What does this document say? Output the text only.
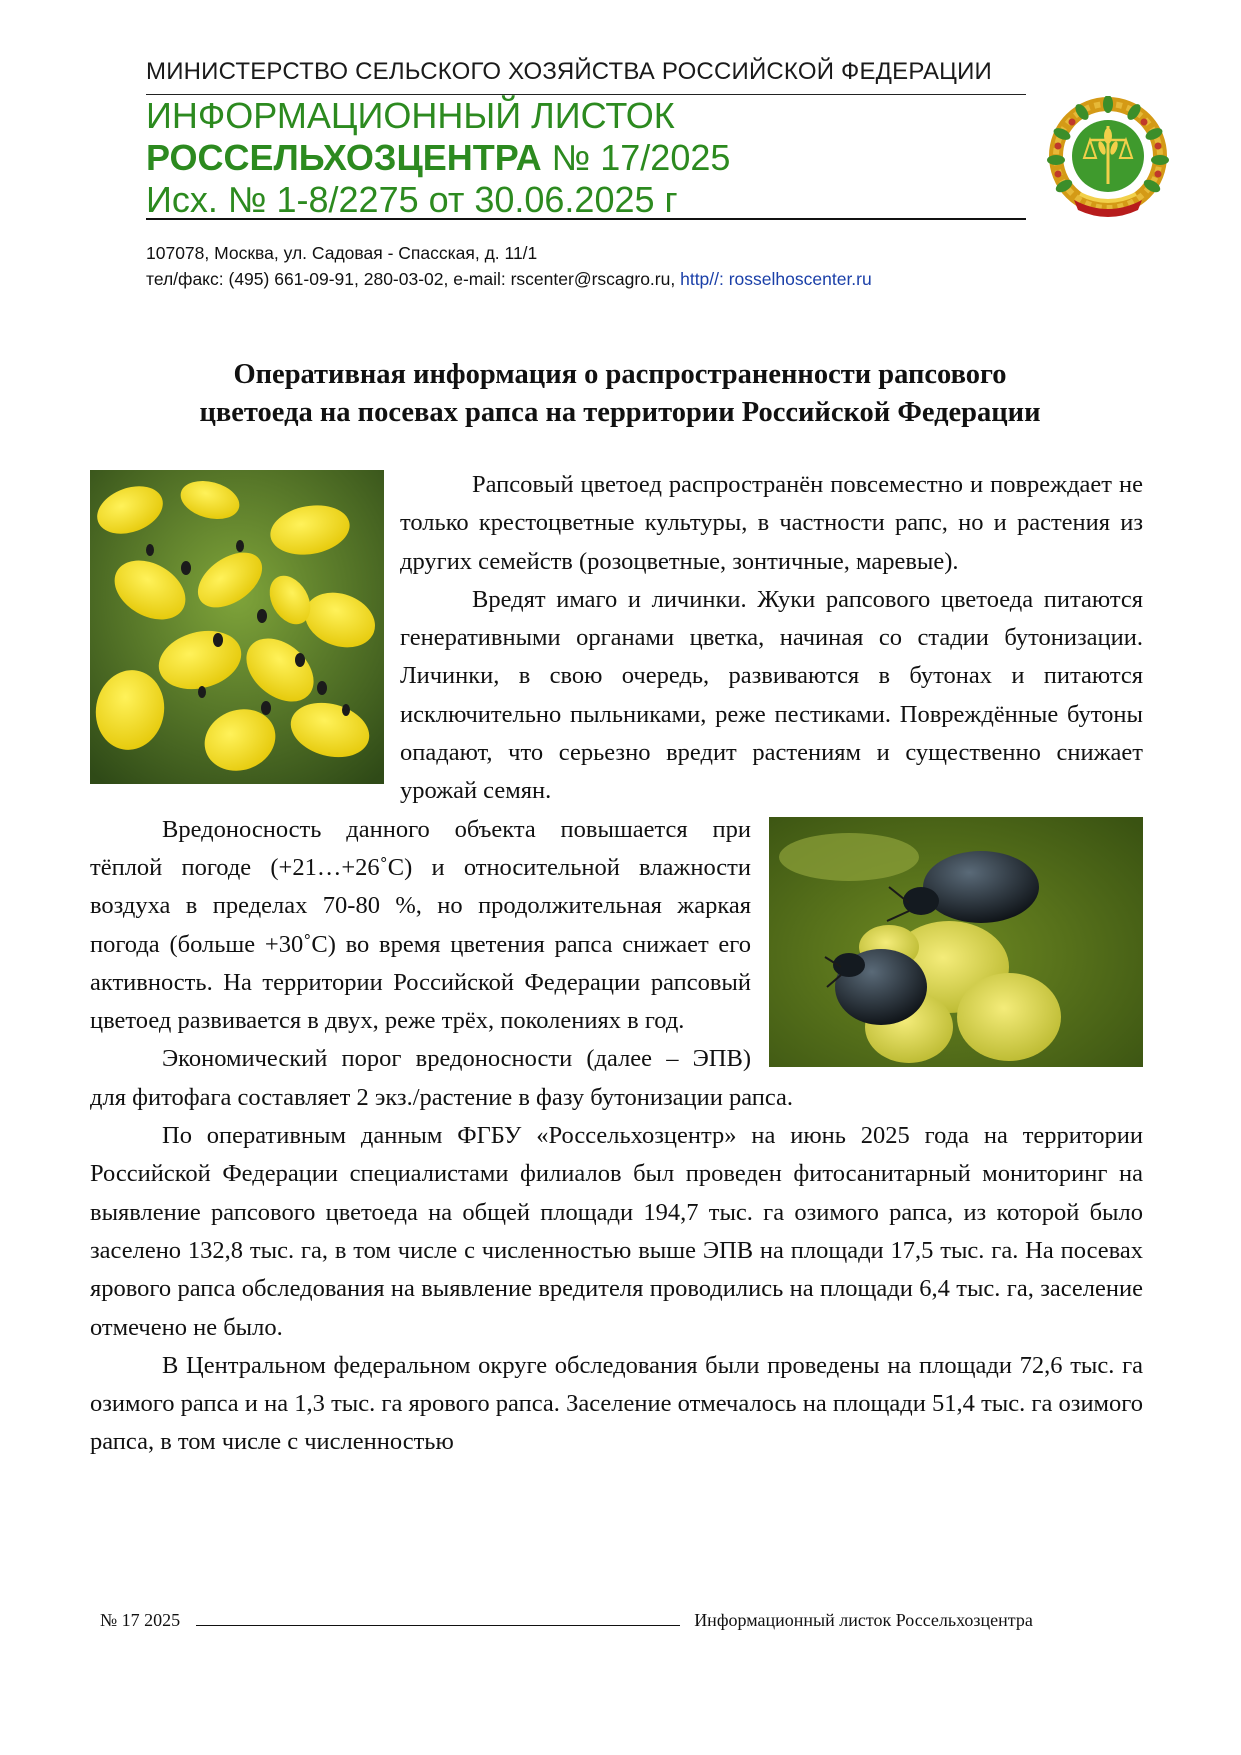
МИНИСТЕРСТВО СЕЛЬСКОГО ХОЗЯЙСТВА РОССИЙСКОЙ ФЕДЕРАЦИИ
ИНФОРМАЦИОННЫЙ ЛИСТОК
РОССЕЛЬХОЗЦЕНТРА № 17/2025
Исх. № 1-8/2275 от 30.06.2025 г
107078, Москва, ул. Садовая - Спасская, д. 11/1
тел/факс: (495) 661-09-91, 280-03-02, e-mail: rscenter@rscagro.ru, http//: rosselhoscenter.ru
Оперативная информация о распространенности рапсового
цветоеда на посевах рапса на территории Российской Федерации

Рапсовый цветоед распространён повсеместно и повреждает не только крестоцветные культуры, в частности рапс, но и растения из других семейств (розоцветные, зонтичные, маревые).

Вредят имаго и личинки. Жуки рапсового цветоеда питаются генеративными органами цветка, начиная со стадии бутонизации. Личинки, в свою очередь, развиваются в бутонах и питаются исключительно пыльниками, реже пестиками. Повреждённые бутоны опадают, что серьезно вредит растениям и существенно снижает урожай семян.

Вредоносность данного объекта повышается при тёплой погоде (+21…+26˚С) и относительной влажности воздуха в пределах 70-80 %, но продолжительная жаркая погода (больше +30˚С) во время цветения рапса снижает его активность. На территории Российской Федерации рапсовый цветоед развивается в двух, реже трёх, поколениях в год.

Экономический порог вредоносности (далее – ЭПВ) для фитофага составляет 2 экз./растение в фазу бутонизации рапса.

По оперативным данным ФГБУ «Россельхозцентр» на июнь 2025 года на территории Российской Федерации специалистами филиалов был проведен фитосанитарный мониторинг на выявление рапсового цветоеда на общей площади 194,7 тыс. га озимого рапса, из которой было заселено 132,8 тыс. га, в том числе с численностью выше ЭПВ на площади 17,5 тыс. га. На посевах ярового рапса обследования на выявление вредителя проводились на площади 6,4 тыс. га, заселение отмечено не было.

В Центральном федеральном округе обследования были проведены на площади 72,6 тыс. га озимого рапса и на 1,3 тыс. га ярового рапса. Заселение отмечалось на площади 51,4 тыс. га озимого рапса, в том числе с численностью

№ 17 2025	Информационный листок Россельхозцентра
